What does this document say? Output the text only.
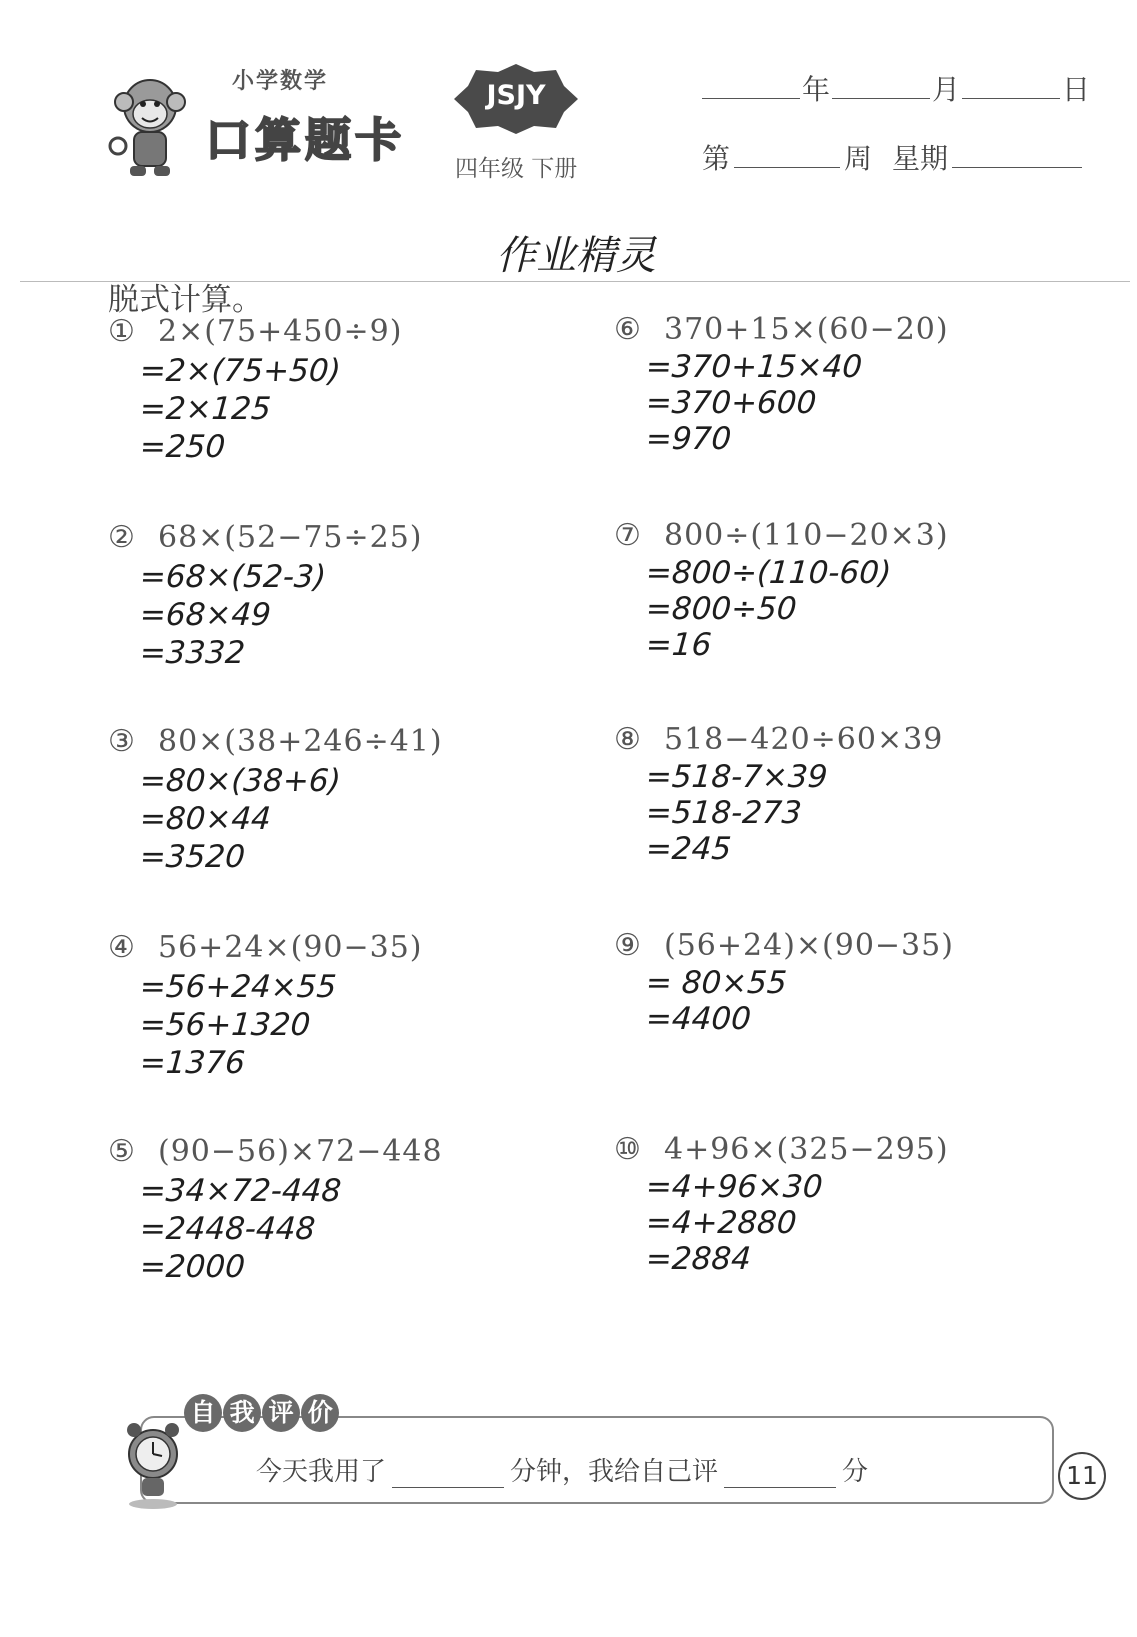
小学数学
口算题卡
JSJY
四年级 下册
年	月	日
第	周 星期
作业精灵
脱式计算。
① 2×(75+450÷9)
=2×(75+50)
=2×125
=250
② 68×(52−75÷25)
=68×(52-3)
=68×49
=3332
③ 80×(38+246÷41)
=80×(38+6)
=80×44
=3520
④ 56+24×(90−35)
=56+24×55
=56+1320
=1376
⑤ (90−56)×72−448
=34×72-448
=2448-448
=2000
⑥ 370+15×(60−20)
=370+15×40
=370+600
=970
⑦ 800÷(110−20×3)
=800÷(110-60)
=800÷50
=16
⑧ 518−420÷60×39
=518-7×39
=518-273
=245
⑨ (56+24)×(90−35)
= 80×55
=4400
⑩ 4+96×(325−295)
=4+96×30
=4+2880
=2884
自 我 评 价
今天我用了	分钟，我给自己评	分	11
